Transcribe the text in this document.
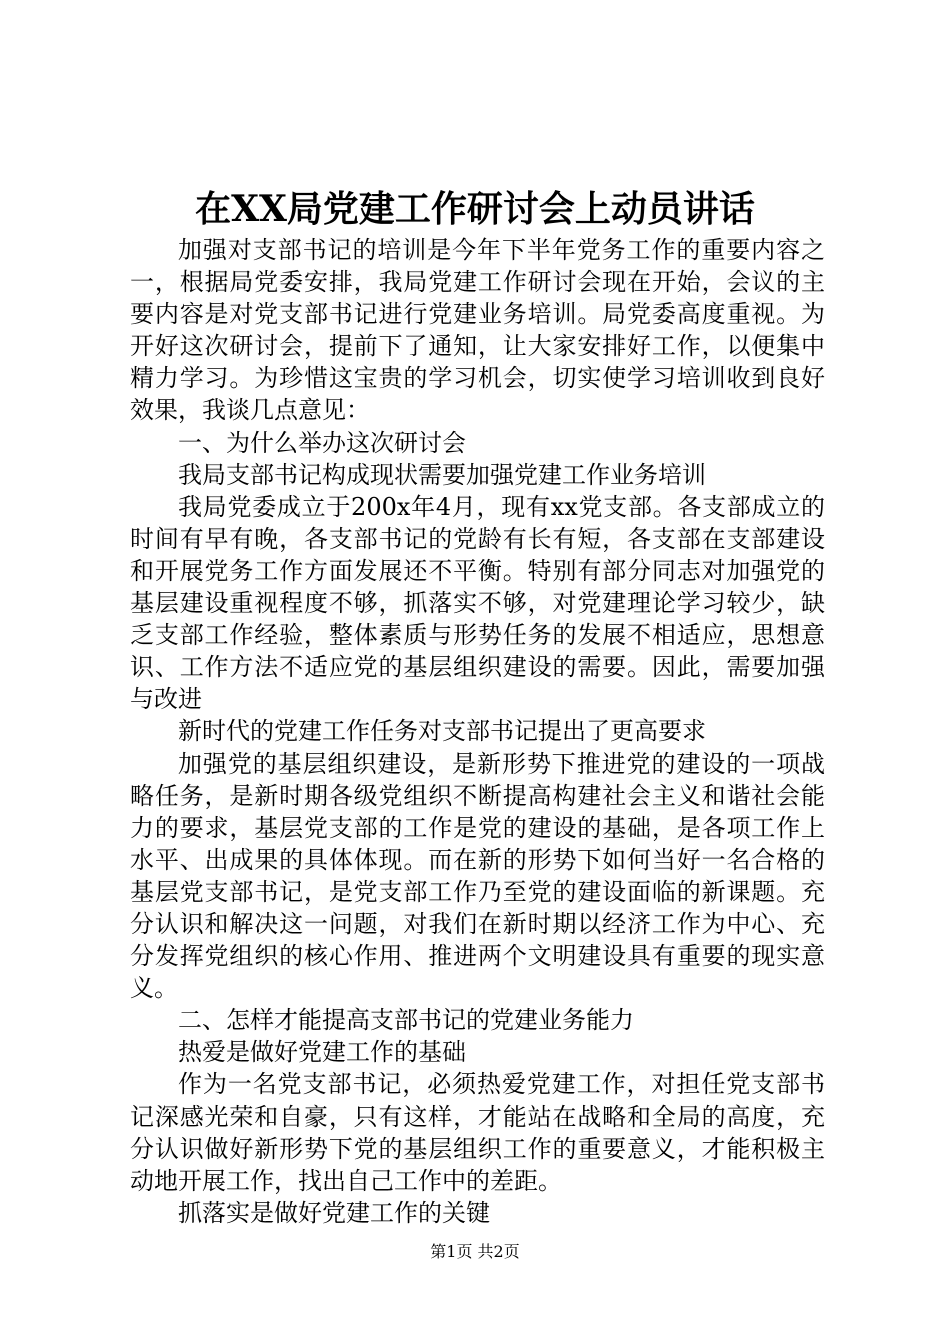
在XX局党建工作研讨会上动员讲话

加强对支部书记的培训是今年下半年党务工作的重要内容之一，根据局党委安排，我局党建工作研讨会现在开始，会议的主要内容是对党支部书记进行党建业务培训。局党委高度重视。为开好这次研讨会，提前下了通知，让大家安排好工作，以便集中精力学习。为珍惜这宝贵的学习机会，切实使学习培训收到良好效果，我谈几点意见：

一、为什么举办这次研讨会

我局支部书记构成现状需要加强党建工作业务培训

我局党委成立于200x年4月，现有xx党支部。各支部成立的时间有早有晚，各支部书记的党龄有长有短，各支部在支部建设和开展党务工作方面发展还不平衡。特别有部分同志对加强党的基层建设重视程度不够，抓落实不够，对党建理论学习较少，缺乏支部工作经验，整体素质与形势任务的发展不相适应，思想意识、工作方法不适应党的基层组织建设的需要。因此，需要加强与改进

新时代的党建工作任务对支部书记提出了更高要求

加强党的基层组织建设，是新形势下推进党的建设的一项战略任务，是新时期各级党组织不断提高构建社会主义和谐社会能力的要求，基层党支部的工作是党的建设的基础，是各项工作上水平、出成果的具体体现。而在新的形势下如何当好一名合格的基层党支部书记，是党支部工作乃至党的建设面临的新课题。充分认识和解决这一问题，对我们在新时期以经济工作为中心、充分发挥党组织的核心作用、推进两个文明建设具有重要的现实意义。

二、怎样才能提高支部书记的党建业务能力

热爱是做好党建工作的基础

作为一名党支部书记，必须热爱党建工作，对担任党支部书记深感光荣和自豪，只有这样，才能站在战略和全局的高度，充分认识做好新形势下党的基层组织工作的重要意义，才能积极主动地开展工作，找出自己工作中的差距。

抓落实是做好党建工作的关键

第1页 共2页
